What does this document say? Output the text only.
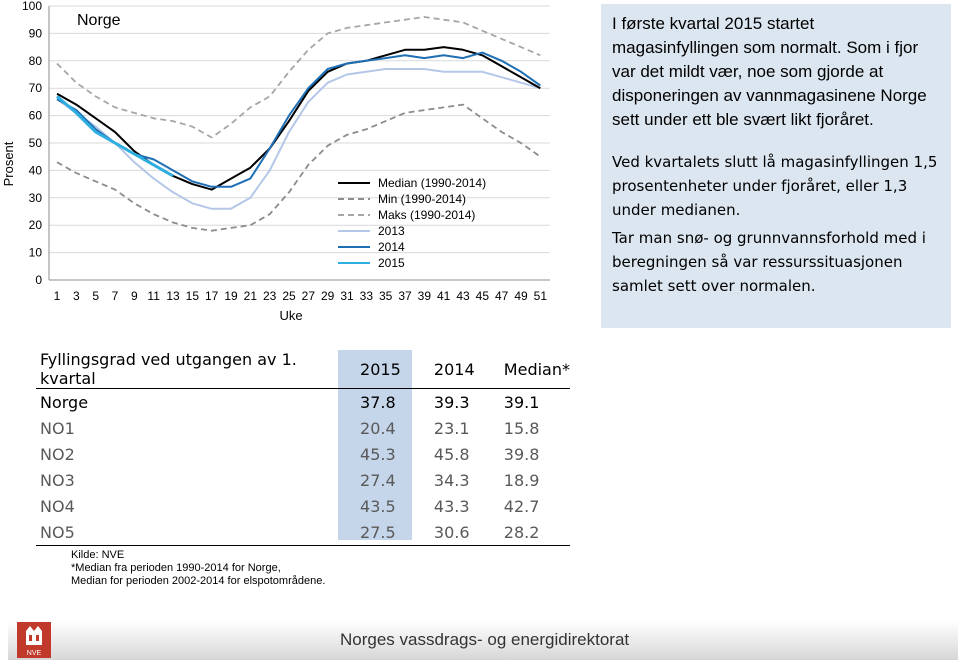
0
10
20
30
40
50
60
70
80
90
100
1 3 5 7 9 11 13 15 17 19 21 23 25 27 29 31 33 35 37 39 41 43 45 47 49 51
Norge
Uke
Prosent	Median (1990-2014)
Min (1990-2014)
Maks (1990-2014)
2013
2014
2015

I første kvartal 2015 startet magasinfyllingen som normalt. Som i fjor var det mildt vær, noe som gjorde at disponeringen av vannmagasinene Norge sett under ett ble svært likt fjoråret.

Ved kvartalets slutt lå magasinfyllingen 1,5 prosentenheter under fjoråret, eller 1,3 under medianen.

Tar man snø- og grunnvannsforhold med i beregningen så var ressurssituasjonen samlet sett over normalen.

Fyllingsgrad ved utgangen av 1. kvartal	2015	2014	Median*
Norge	37.8	39.3	39.1
NO1	20.4	23.1	15.8
NO2	45.3	45.8	39.8
NO3	27.4	34.3	18.9
NO4	43.5	43.3	42.7
NO5	27.5	30.6	28.2
Kilde: NVE
*Median fra perioden 1990-2014 for Norge,
Median for perioden 2002-2014 for elspotområdene.
NVE
Norges vassdrags- og energidirektorat
